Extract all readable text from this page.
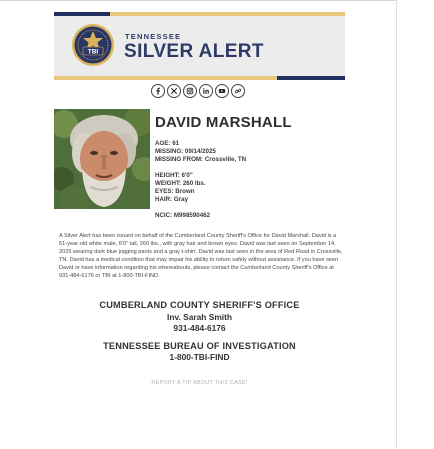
TBI
TENNESSEE
SILVER ALERT
DAVID MARSHALL
AGE: 61
MISSING: 09/14/2025
MISSING FROM: Crossville, TN
HEIGHT: 6'0"
WEIGHT: 260 lbs.
EYES: Brown
HAIR: Gray
NCIC: M998590462
A Silver Alert has been issued on behalf of the Cumberland County Sheriff's Office for David Marshall. David is a 51-year-old white male, 6'0" tall, 260 lbs., with gray hair and brown eyes. David was last seen on September 14, 2025 wearing dark blue jogging pants and a gray t-shirt. David was last seen in the area of Red Road in Crossville, TN. David has a medical condition that may impair his ability to return safely without assistance. If you have seen David or have information regarding his whereabouts, please contact the Cumberland County Sheriff's Office at 931-484-6176 or TBI at 1-800-TBI-FIND.
CUMBERLAND COUNTY SHERIFF'S OFFICE
Inv. Sarah Smith
931-484-6176
TENNESSEE BUREAU OF INVESTIGATION
1-800-TBI-FIND
REPORT A TIP ABOUT THIS CASE!
